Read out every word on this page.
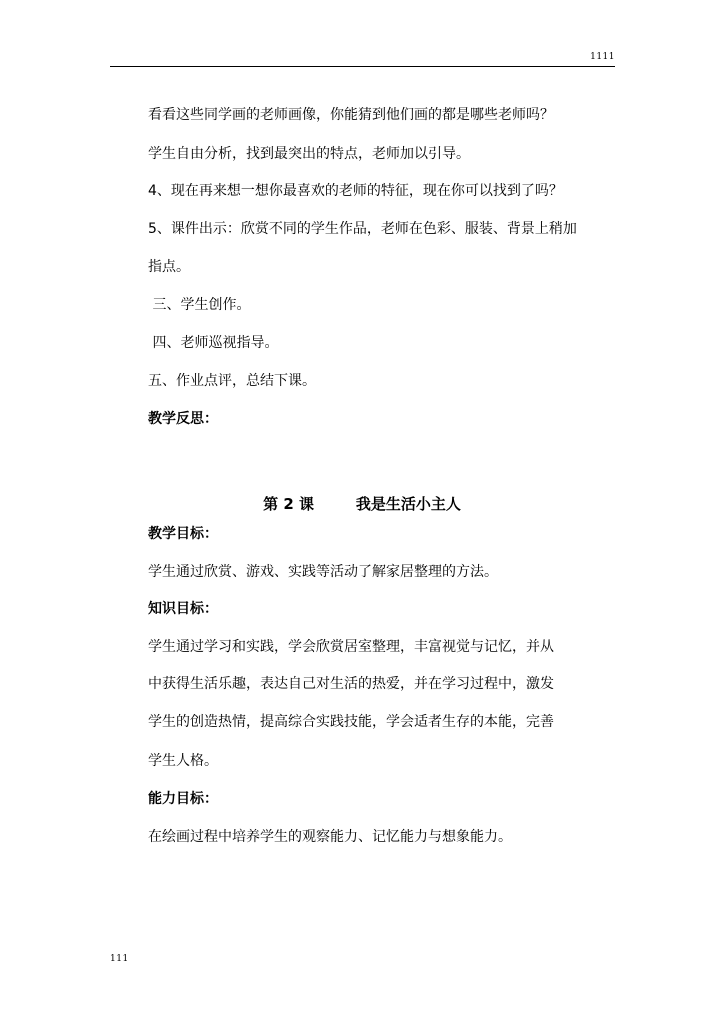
1111
看看这些同学画的老师画像，你能猜到他们画的都是哪些老师吗？
学生自由分析，找到最突出的特点，老师加以引导。
4、现在再来想一想你最喜欢的老师的特征，现在你可以找到了吗？
5、课件出示：欣赏不同的学生作品，老师在色彩、服装、背景上稍加
指点。
三、学生创作。
四、老师巡视指导。
五、作业点评，总结下课。
教学反思：
第 2 课        我是生活小主人
教学目标：
学生通过欣赏、游戏、实践等活动了解家居整理的方法。
知识目标：
学生通过学习和实践，学会欣赏居室整理，丰富视觉与记忆，并从
中获得生活乐趣，表达自己对生活的热爱，并在学习过程中，激发
学生的创造热情，提高综合实践技能，学会适者生存的本能，完善
学生人格。
能力目标：
在绘画过程中培养学生的观察能力、记忆能力与想象能力。
111
